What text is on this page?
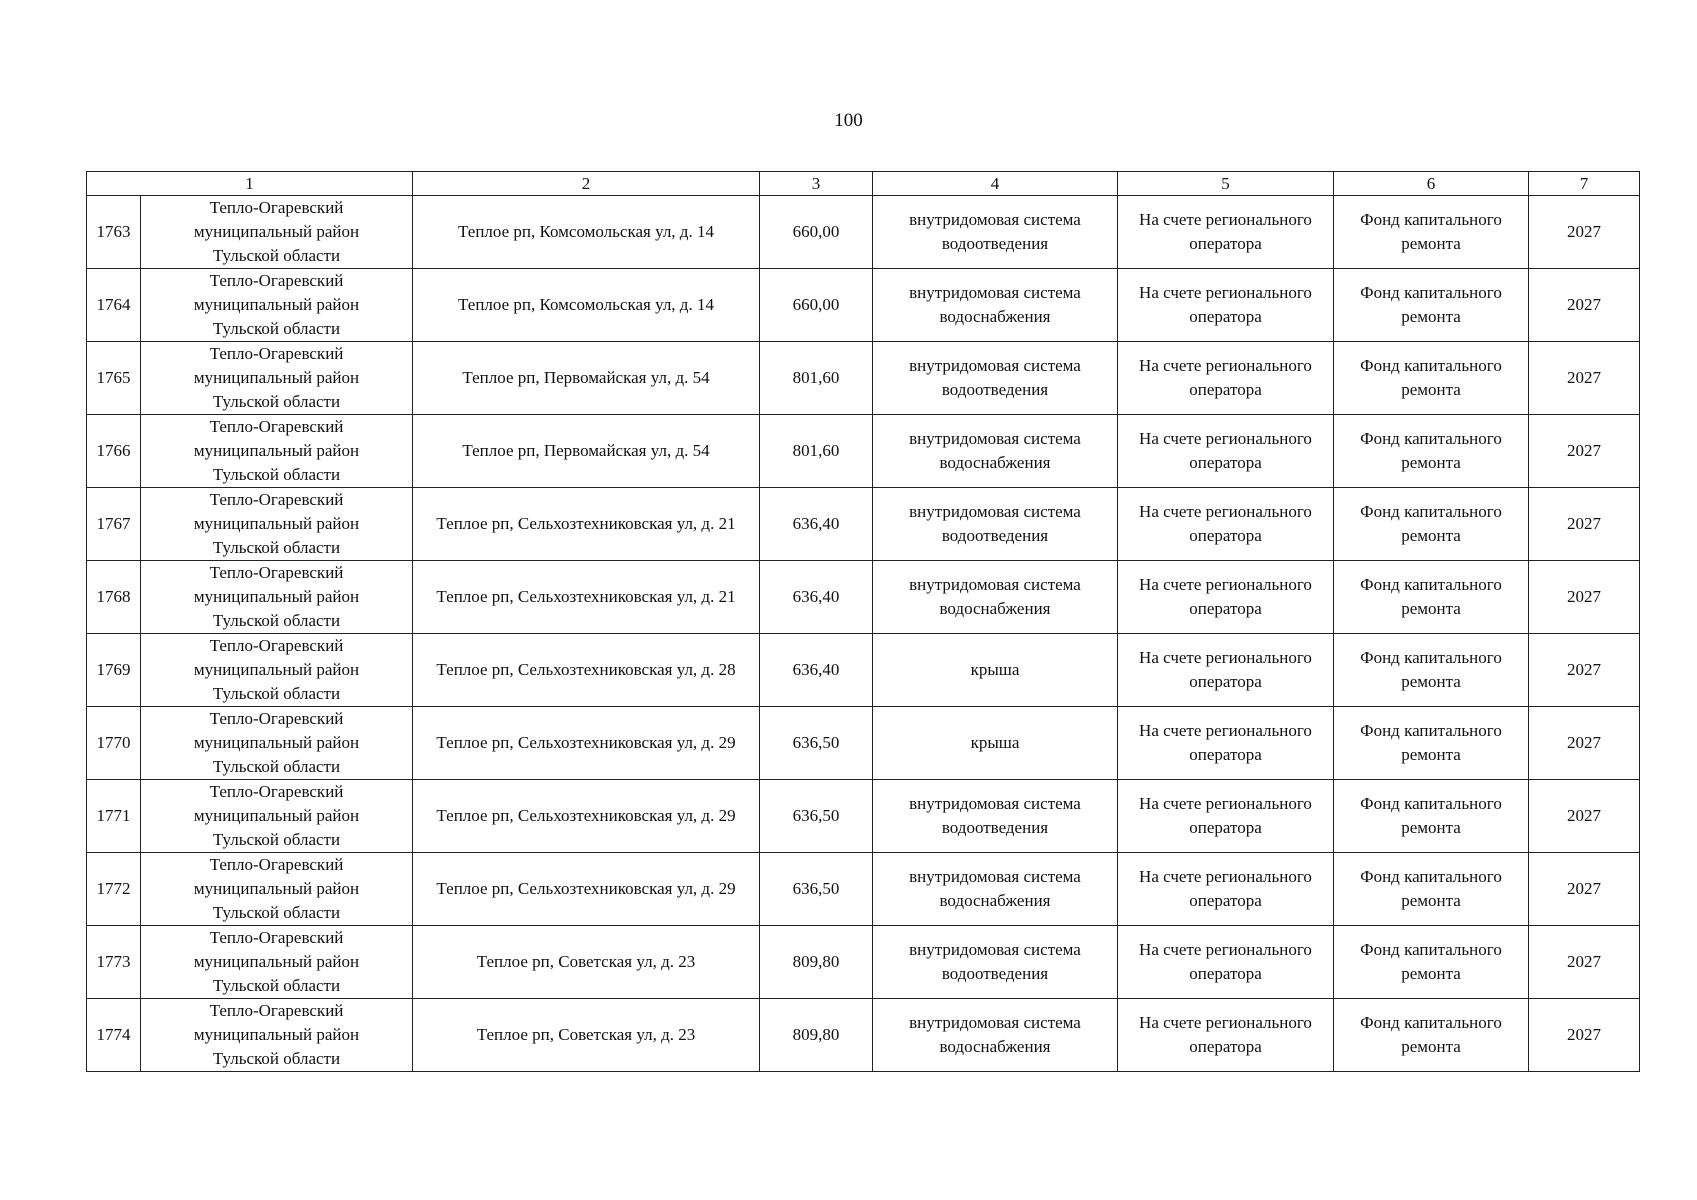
100
1		2	3	4	5	6	7
1763	Тепло-Огаревский
муниципальный район
Тульской области	Теплое рп, Комсомольская ул, д. 14	660,00	внутридомовая система
водоотведения	На счете регионального
оператора	Фонд капитального
ремонта	2027
1764	Тепло-Огаревский
муниципальный район
Тульской области	Теплое рп, Комсомольская ул, д. 14	660,00	внутридомовая система
водоснабжения	На счете регионального
оператора	Фонд капитального
ремонта	2027
1765	Тепло-Огаревский
муниципальный район
Тульской области	Теплое рп, Первомайская ул, д. 54	801,60	внутридомовая система
водоотведения	На счете регионального
оператора	Фонд капитального
ремонта	2027
1766	Тепло-Огаревский
муниципальный район
Тульской области	Теплое рп, Первомайская ул, д. 54	801,60	внутридомовая система
водоснабжения	На счете регионального
оператора	Фонд капитального
ремонта	2027
1767	Тепло-Огаревский
муниципальный район
Тульской области	Теплое рп, Сельхозтехниковская ул, д. 21	636,40	внутридомовая система
водоотведения	На счете регионального
оператора	Фонд капитального
ремонта	2027
1768	Тепло-Огаревский
муниципальный район
Тульской области	Теплое рп, Сельхозтехниковская ул, д. 21	636,40	внутридомовая система
водоснабжения	На счете регионального
оператора	Фонд капитального
ремонта	2027
1769	Тепло-Огаревский
муниципальный район
Тульской области	Теплое рп, Сельхозтехниковская ул, д. 28	636,40	крыша	На счете регионального
оператора	Фонд капитального
ремонта	2027
1770	Тепло-Огаревский
муниципальный район
Тульской области	Теплое рп, Сельхозтехниковская ул, д. 29	636,50	крыша	На счете регионального
оператора	Фонд капитального
ремонта	2027
1771	Тепло-Огаревский
муниципальный район
Тульской области	Теплое рп, Сельхозтехниковская ул, д. 29	636,50	внутридомовая система
водоотведения	На счете регионального
оператора	Фонд капитального
ремонта	2027
1772	Тепло-Огаревский
муниципальный район
Тульской области	Теплое рп, Сельхозтехниковская ул, д. 29	636,50	внутридомовая система
водоснабжения	На счете регионального
оператора	Фонд капитального
ремонта	2027
1773	Тепло-Огаревский
муниципальный район
Тульской области	Теплое рп, Советская ул, д. 23	809,80	внутридомовая система
водоотведения	На счете регионального
оператора	Фонд капитального
ремонта	2027
1774	Тепло-Огаревский
муниципальный район
Тульской области	Теплое рп, Советская ул, д. 23	809,80	внутридомовая система
водоснабжения	На счете регионального
оператора	Фонд капитального
ремонта	2027
